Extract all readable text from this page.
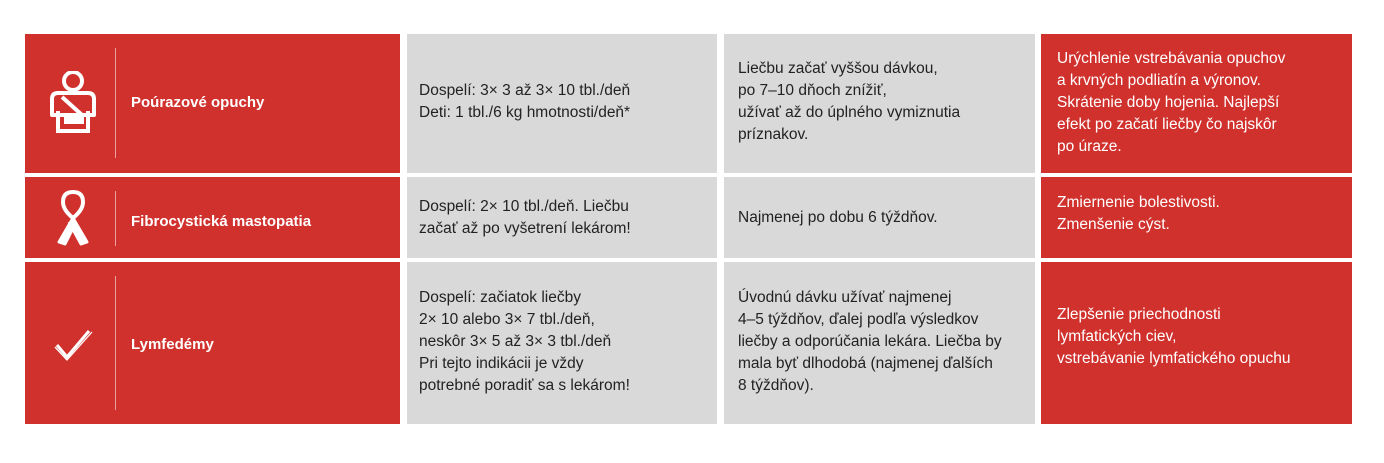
Poúrazové opuchy
Dospelí: 3× 3 až 3× 10 tbl./deň
Deti: 1 tbl./6 kg hmotnosti/deň*
Liečbu začať vyššou dávkou,
po 7–10 dňoch znížiť,
užívať až do úplného vymiznutia
príznakov.
Urýchlenie vstrebávania opuchov
a krvných podliatín a výronov.
Skrátenie doby hojenia. Najlepší
efekt po začatí liečby čo najskôr
po úraze.
Fibrocystická mastopatia
Dospelí: 2× 10 tbl./deň. Liečbu
začať až po vyšetrení lekárom!
Najmenej po dobu 6 týždňov.
Zmiernenie bolestivosti.
Zmenšenie cýst.
Lymfedémy
Dospelí: začiatok liečby
2× 10 alebo 3× 7 tbl./deň,
neskôr 3× 5 až 3× 3 tbl./deň
Pri tejto indikácii je vždy
potrebné poradiť sa s lekárom!
Úvodnú dávku užívať najmenej
4–5 týždňov, ďalej podľa výsledkov
liečby a odporúčania lekára. Liečba by
mala byť dlhodobá (najmenej ďalších
8 týždňov).
Zlepšenie priechodnosti
lymfatických ciev,
vstrebávanie lymfatického opuchu
